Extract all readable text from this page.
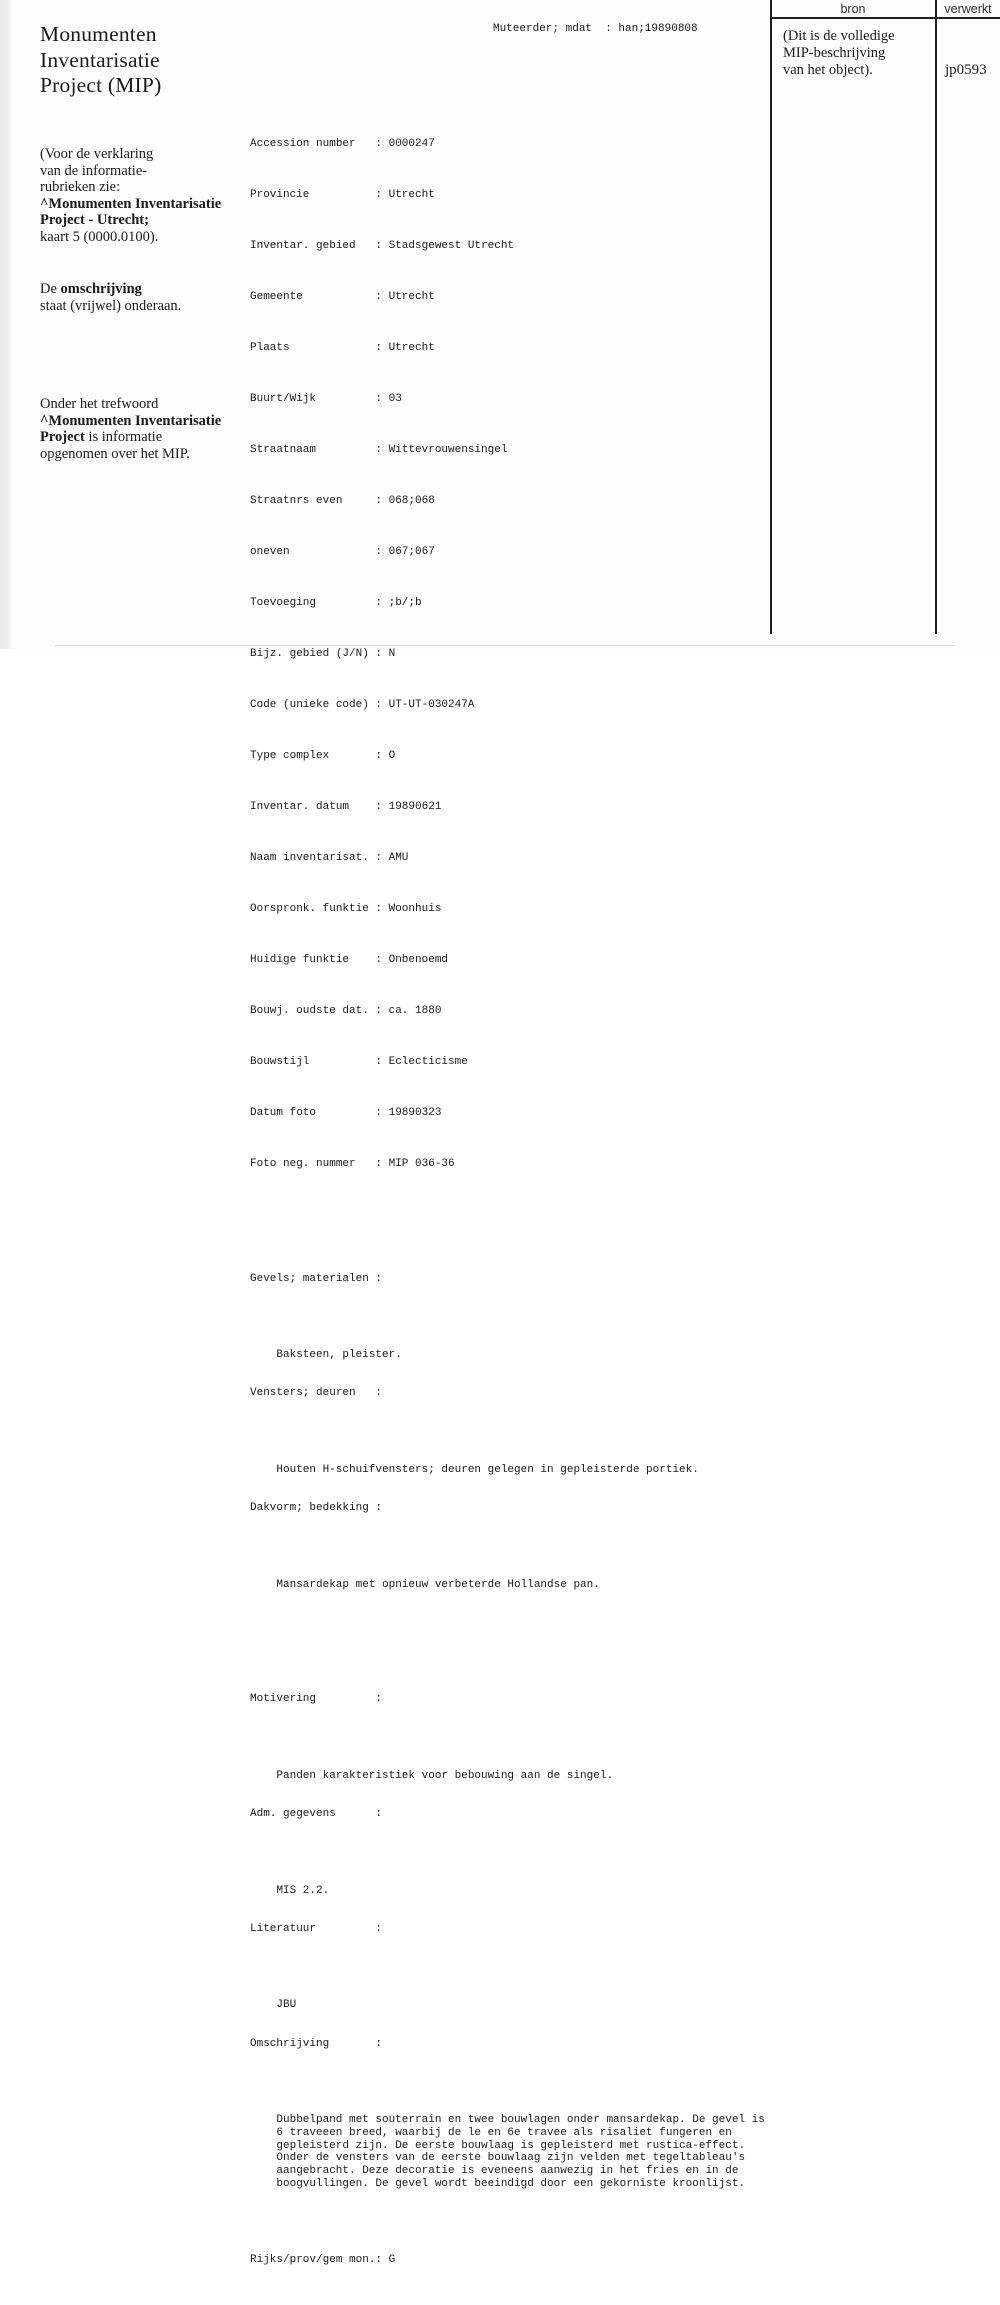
Monumenten
Inventarisatie
Project (MIP)
(Voor de verklaring
van de informatie-
rubrieken zie:
^Monumenten Inventarisatie
Project - Utrecht;
kaart 5 (0000.0100).
De omschrijving
staat (vrijwel) onderaan.
Onder het trefwoord
^Monumenten Inventarisatie
Project is informatie
opgenomen over het MIP.

Muteerder; mdat	: han;19890808

Accession number	: 0000247

Provincie	: Utrecht

Inventar. gebied	: Stadsgewest Utrecht

Gemeente	: Utrecht

Plaats	: Utrecht

Buurt/Wijk	: 03

Straatnaam	: Wittevrouwensingel

Straatnrs even	: 068;068

oneven	: 067;067

Toevoeging	: ;b/;b

Bijz. gebied (J/N)	: N

Code (unieke code)	: UT-UT-030247A

Type complex	: O

Inventar. datum	: 19890621

Naam inventarisat.	: AMU

Oorspronk. funktie	: Woonhuis

Huidige funktie	: Onbenoemd

Bouwj. oudste dat.	: ca. 1880

Bouwstijl	: Eclecticisme

Datum foto	: 19890323

Foto neg. nummer	: MIP 036-36

Gevels; materialen
:

Baksteen, pleister.

Vensters; deuren
:

Houten H-schuifvensters; deuren gelegen in gepleisterde portiek.

Dakvorm; bedekking
:

Mansardekap met opnieuw verbeterde Hollandse pan.

Motivering
:

Panden karakteristiek voor bebouwing aan de singel.

Adm. gegevens
:

MIS 2.2.

Literatuur
:

JBU

Omschrijving
:

Dubbelpand met souterrain en twee bouwlagen onder mansardekap. De gevel is
6 traveeen breed, waarbij de le en 6e travee als risaliet fungeren en
gepleisterd zijn. De eerste bouwlaag is gepleisterd met rustica-effect.
Onder de vensters van de eerste bouwlaag zijn velden met tegeltableau's
aangebracht. Deze decoratie is eveneens aanwezig in het fries en in de
boogvullingen. De gevel wordt beeindigd door een gekorniste kroonlijst.

Rijks/prov/gem mon.	: G

bron	verwerkt
(Dit is de volledige
MIP-beschrijving
van het object).	jp0593
